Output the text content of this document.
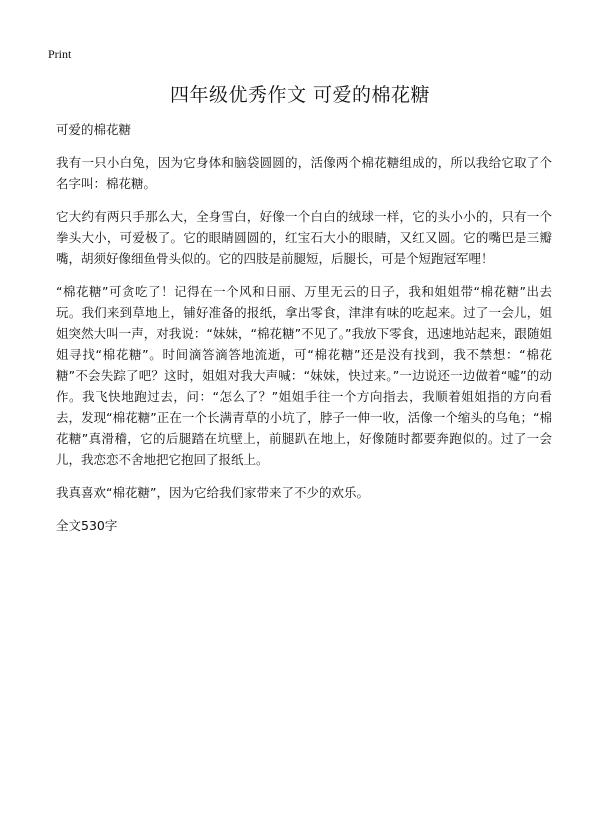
Print
四年级优秀作文 可爱的棉花糖

可爱的棉花糖

我有一只小白兔，因为它身体和脑袋圆圆的，活像两个棉花糖组成的，所以我给它取了个名字叫：棉花糖。

它大约有两只手那么大，全身雪白，好像一个白白的绒球一样，它的头小小的，只有一个拳头大小，可爱极了。它的眼睛圆圆的，红宝石大小的眼睛，又红又圆。它的嘴巴是三瓣嘴，胡须好像细鱼骨头似的。它的四肢是前腿短，后腿长，可是个短跑冠军哩！

“棉花糖”可贪吃了！记得在一个风和日丽、万里无云的日子，我和姐姐带“棉花糖”出去玩。我们来到草地上，铺好准备的报纸，拿出零食，津津有味的吃起来。过了一会儿，姐姐突然大叫一声，对我说：“妹妹，“棉花糖”不见了。”我放下零食，迅速地站起来，跟随姐姐寻找“棉花糖”。时间滴答滴答地流逝，可“棉花糖”还是没有找到，我不禁想：“棉花糖”不会失踪了吧？这时，姐姐对我大声喊：“妹妹，快过来。”一边说还一边做着“嘘”的动作。我飞快地跑过去，问：“怎么了？”姐姐手往一个方向指去，我顺着姐姐指的方向看去，发现“棉花糖”正在一个长满青草的小坑了，脖子一伸一收，活像一个缩头的乌龟；“棉花糖”真滑稽，它的后腿踏在坑壁上，前腿趴在地上，好像随时都要奔跑似的。过了一会儿，我恋恋不舍地把它抱回了报纸上。

我真喜欢“棉花糖”，因为它给我们家带来了不少的欢乐。

全文530字
